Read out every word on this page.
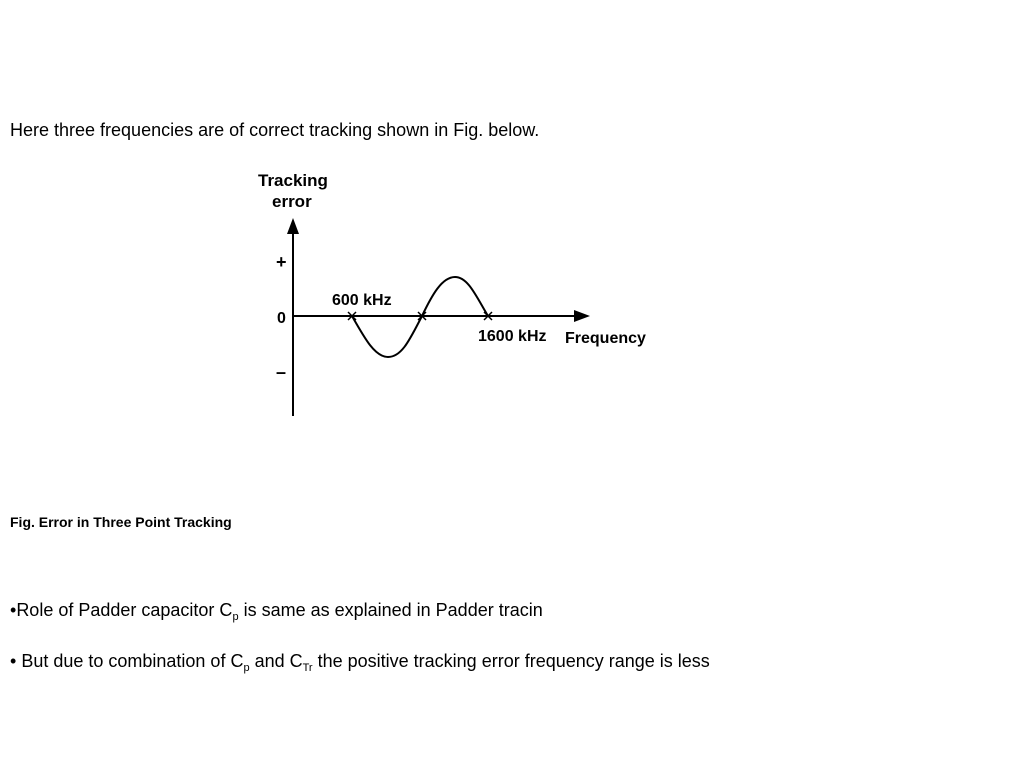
Here three frequencies are of correct tracking shown in Fig. below.
Tracking
error
+
0
–
600 kHz
1600 kHz Frequency
Fig. Error in Three Point Tracking
•Role of Padder capacitor $C_p$ is same as explained in Padder tracin
• But due to combination of $C_p$ and $C_{Tr}$ the positive tracking error frequency range is less
